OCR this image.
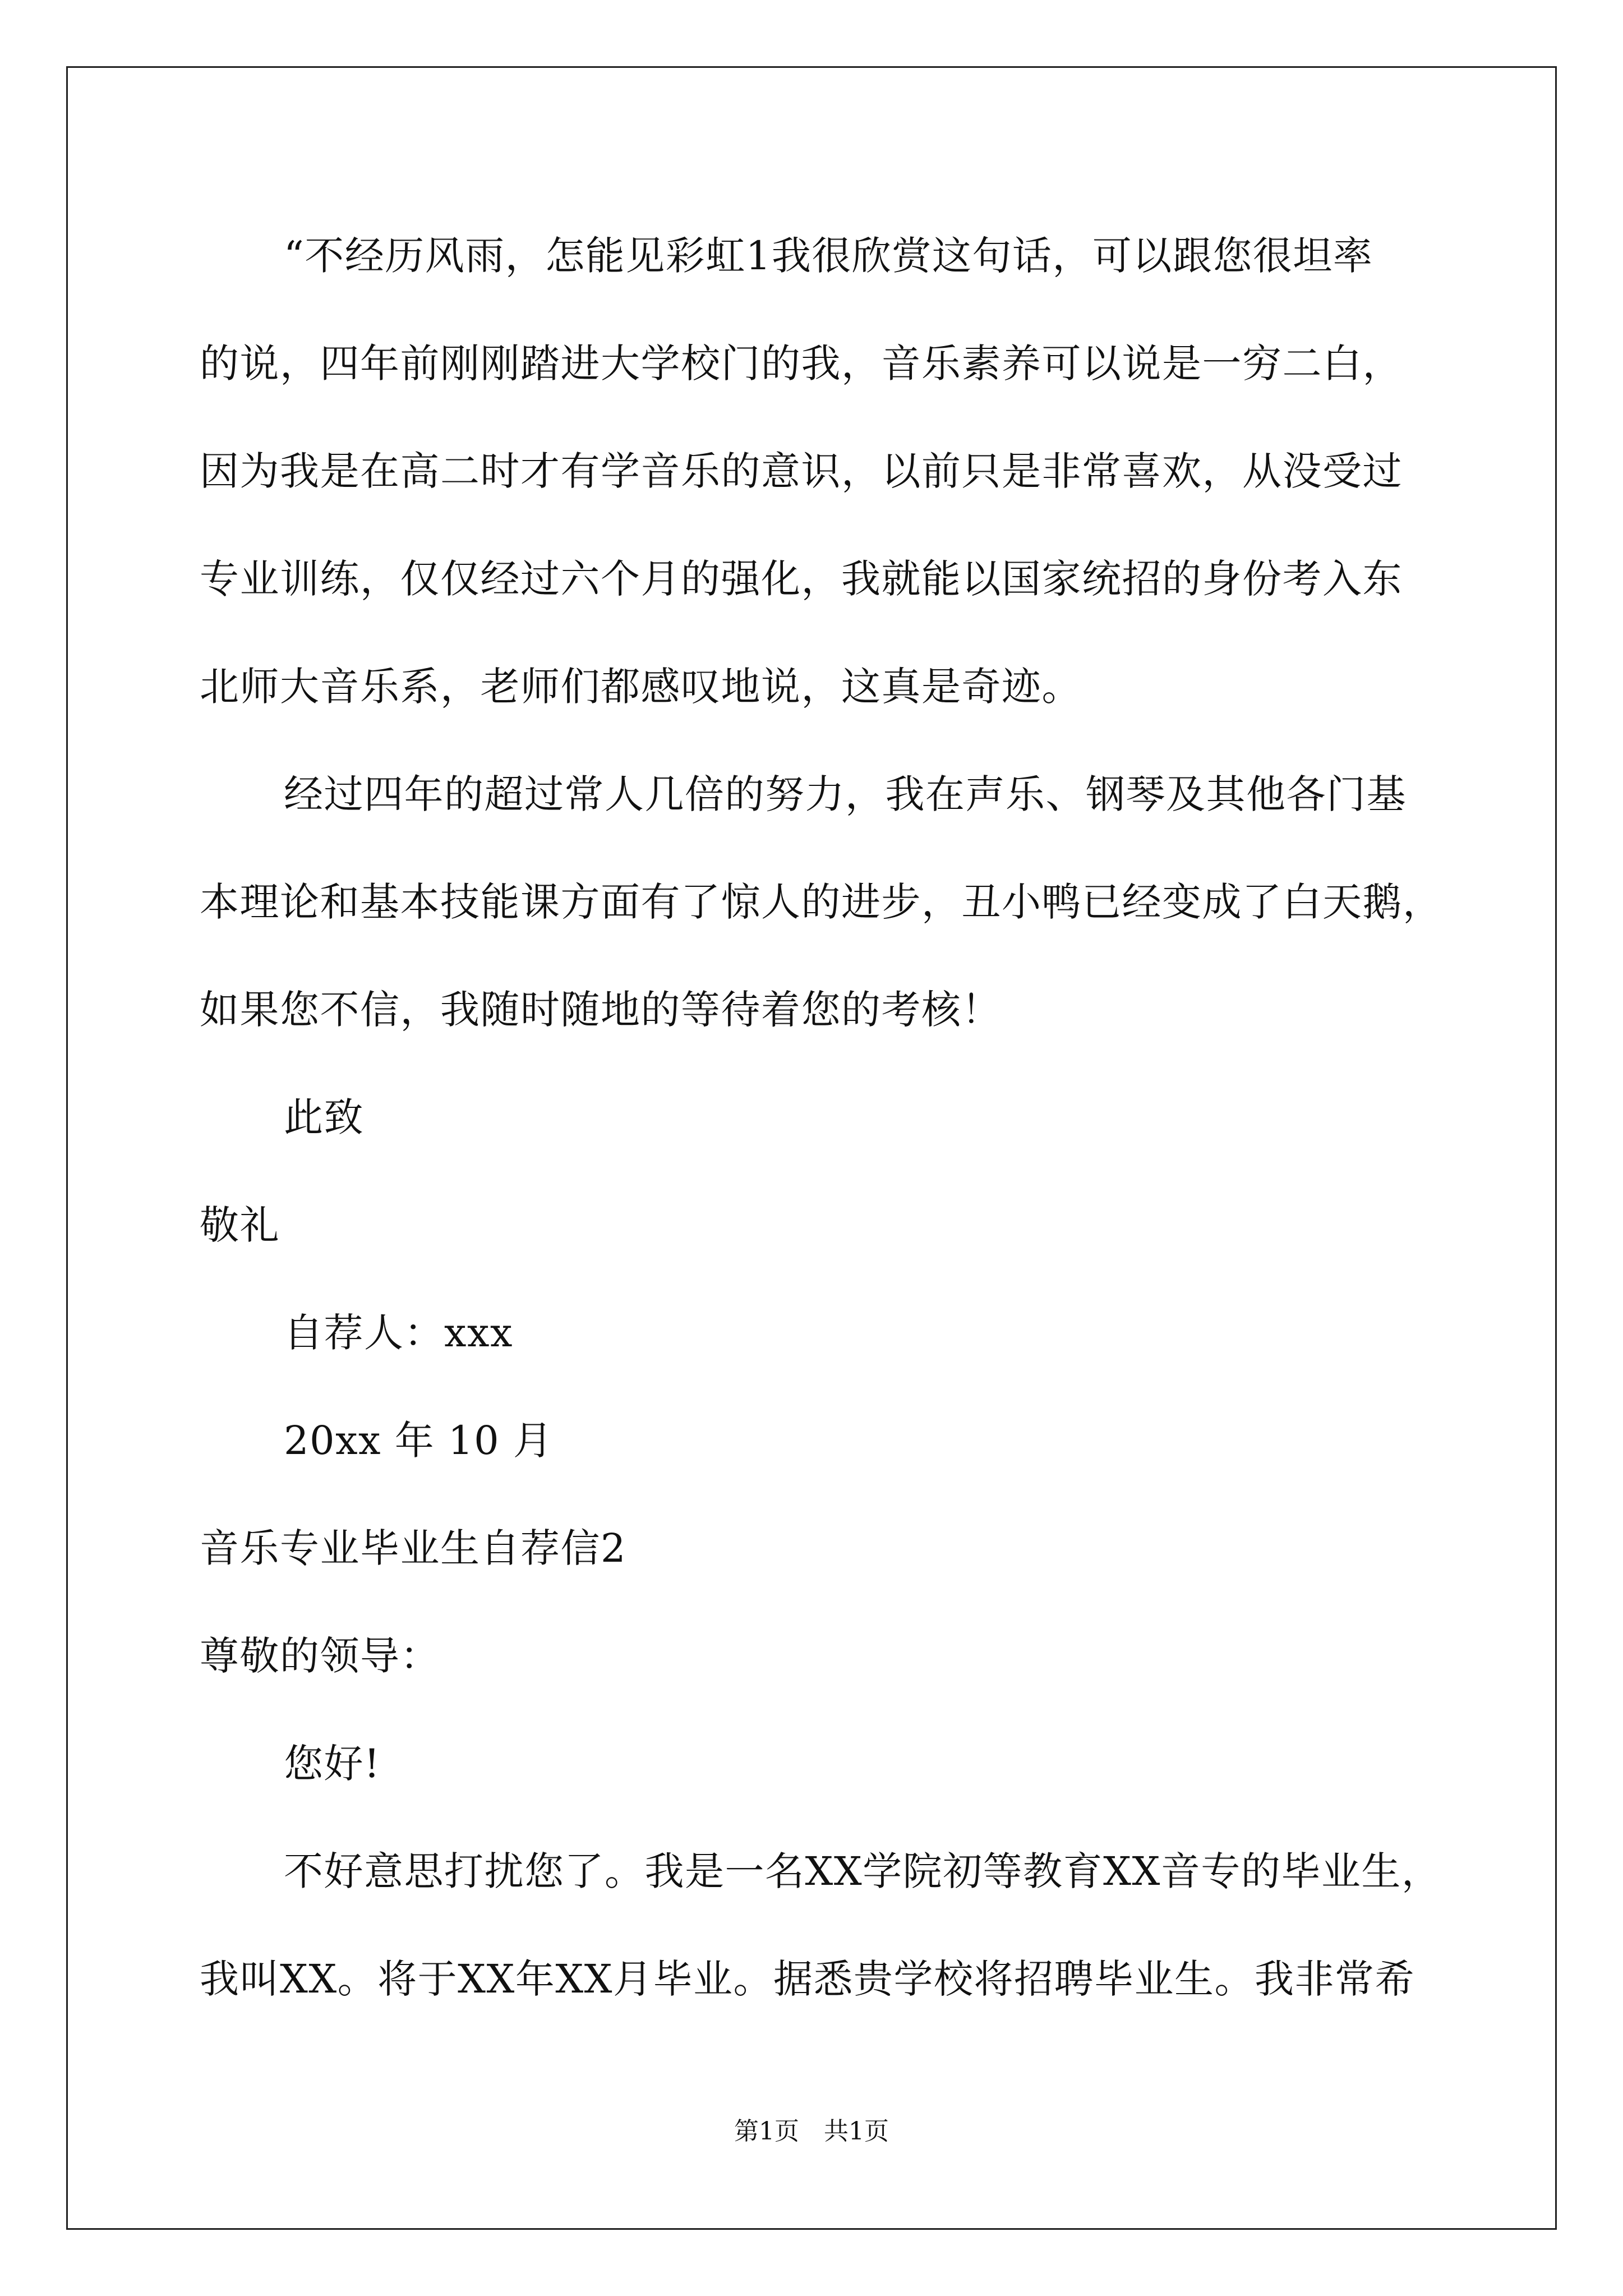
“不经历风雨，怎能见彩虹1我很欣赏这句话，可以跟您很坦率
的说，四年前刚刚踏进大学校门的我，音乐素养可以说是一穷二白，
因为我是在高二时才有学音乐的意识，以前只是非常喜欢，从没受过
专业训练，仅仅经过六个月的强化，我就能以国家统招的身份考入东
北师大音乐系，老师们都感叹地说，这真是奇迹。
经过四年的超过常人几倍的努力，我在声乐、钢琴及其他各门基
本理论和基本技能课方面有了惊人的进步，丑小鸭已经变成了白天鹅，
如果您不信，我随时随地的等待着您的考核！
此致
敬礼
自荐人：xxx
20xx 年 10 月
音乐专业毕业生自荐信2
尊敬的领导：
您好!
不好意思打扰您了。我是一名XX学院初等教育XX音专的毕业生，
我叫XX。将于XX年XX月毕业。据悉贵学校将招聘毕业生。我非常希
第1页　共1页
